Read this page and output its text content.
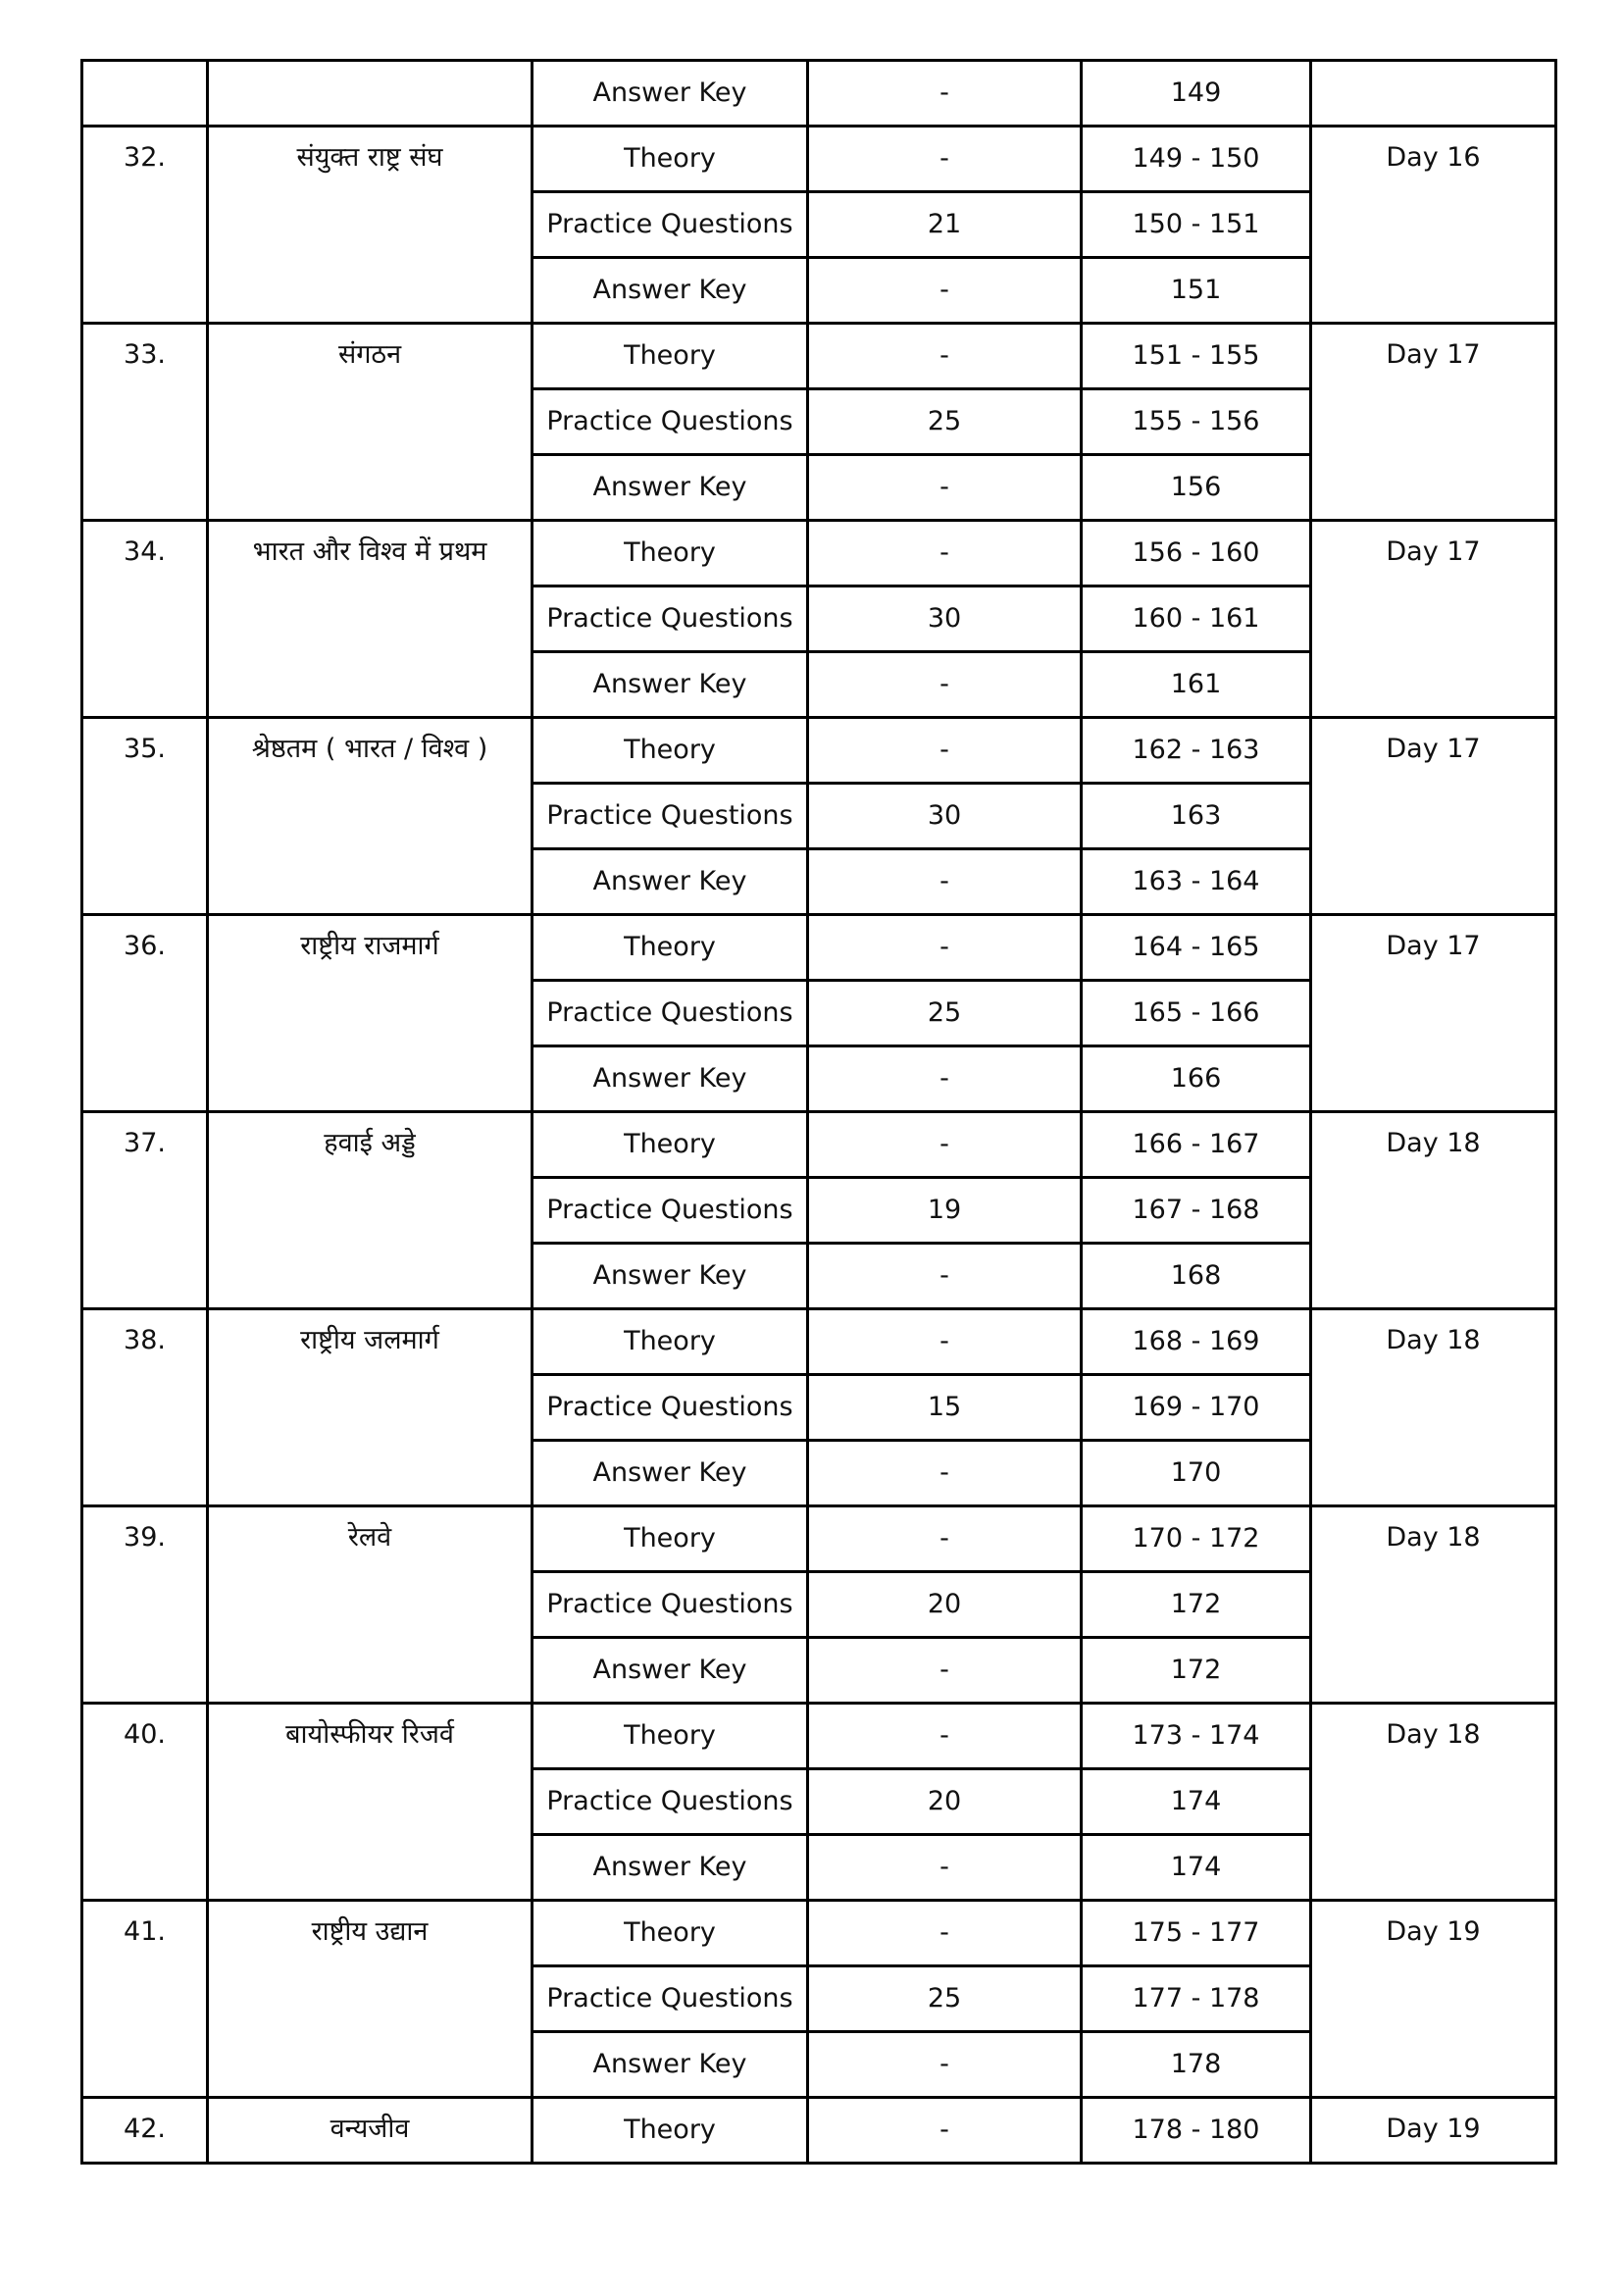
		Answer Key	-	149	
32.	संयुक्त राष्ट्र संघ	Theory	-	149 - 150	Day 16
		Practice Questions	21	150 - 151	
		Answer Key	-	151	
33.	संगठन	Theory	-	151 - 155	Day 17
		Practice Questions	25	155 - 156	
		Answer Key	-	156	
34.	भारत और विश्व में प्रथम	Theory	-	156 - 160	Day 17
		Practice Questions	30	160 - 161	
		Answer Key	-	161	
35.	श्रेष्ठतम ( भारत / विश्व )	Theory	-	162 - 163	Day 17
		Practice Questions	30	163	
		Answer Key	-	163 - 164	
36.	राष्ट्रीय राजमार्ग	Theory	-	164 - 165	Day 17
		Practice Questions	25	165 - 166	
		Answer Key	-	166	
37.	हवाई अड्डे	Theory	-	166 - 167	Day 18
		Practice Questions	19	167 - 168	
		Answer Key	-	168	
38.	राष्ट्रीय जलमार्ग	Theory	-	168 - 169	Day 18
		Practice Questions	15	169 - 170	
		Answer Key	-	170	
39.	रेलवे	Theory	-	170 - 172	Day 18
		Practice Questions	20	172	
		Answer Key	-	172	
40.	बायोस्फीयर रिजर्व	Theory	-	173 - 174	Day 18
		Practice Questions	20	174	
		Answer Key	-	174	
41.	राष्ट्रीय उद्यान	Theory	-	175 - 177	Day 19
		Practice Questions	25	177 - 178	
		Answer Key	-	178	
42.	वन्यजीव	Theory	-	178 - 180	Day 19
